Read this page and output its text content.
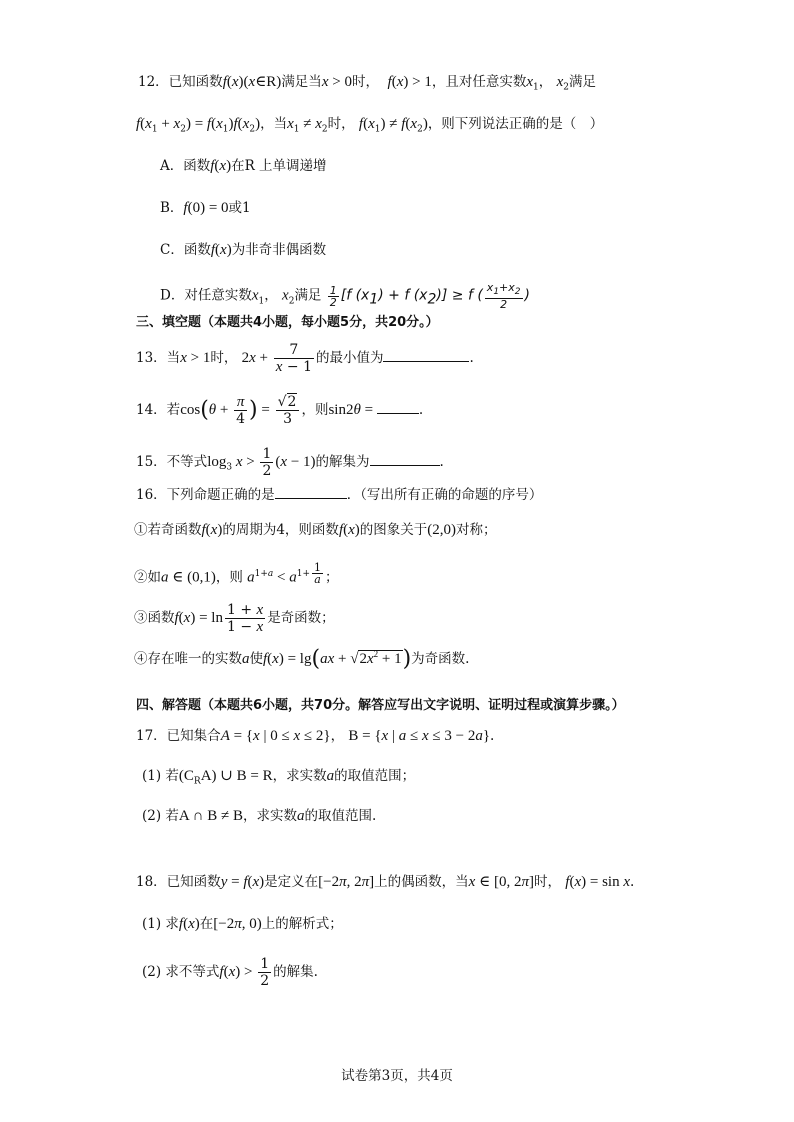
12．已知函数f(x)(x∈R)满足当x > 0时， f(x) > 1，且对任意实数$x_1$， $x_2$满足
$f(x_1 + x_2) = f(x_1)f(x_2)$，当$x_1 \ne x_2$时， $f(x_1) \ne f(x_2)$，则下列说法正确的是（　）
A．函数f(x)在R 上单调递增
B．f(0) = 0或1
C．函数f(x)为非奇非偶函数
D．对任意实数$x_1$， $x_2$满足 $\frac{1}{2} [f$ $(x_1) + f$ $(x_2)] \ge f$ ( $\frac{x_1+x_2}{2}$ )
三、填空题（本题共4小题，每小题5分，共20分。）
13．当x > 1时， $2x + \frac{7}{x - 1}$ 的最小值为	.
14．若$\cos(\theta + \frac{\pi}{4}$ ) = $\frac{√2}{3}$ ，则sin2θ =	.
15．不等式$\log_3 x > \frac{1}{2} (x - 1)$的解集为	.
16．下列命题正确的是	．（写出所有正确的命题的序号）
①若奇函数f(x)的周期为4，则函数f(x)的图象关于(2,0)对称；
②如a ∈ (0,1)，则 $a^{1+a} < a^{1+ \frac{1}{a}}$ ；
③函数$f(x) = \ln \frac{1 + x}{1 - x}$ 是奇函数；
④存在唯一的实数a使$f(x) = \lg(ax + √2x^2 + 1)$为奇函数.
四、解答题（本题共6小题，共70分。解答应写出文字说明、证明过程或演算步骤。）
17．已知集合A = {x | 0 ≤ x ≤ 2}， B = {x | a ≤ x ≤ 3 − 2a}.
(1) 若$(C_RA)$ ∪ B = R，求实数a的取值范围；
(2) 若A ∩ B ≠ B，求实数a的取值范围.
18．已知函数y = f(x)是定义在[−2π, 2π]上的偶函数，当x ∈ [0, 2π]时， f(x) = sin x.
(1) 求f(x)在[−2π, 0)上的解析式；
(2) 求不等式$f(x) > \frac{1}{2}$ 的解集.
试卷第3页，共4页
